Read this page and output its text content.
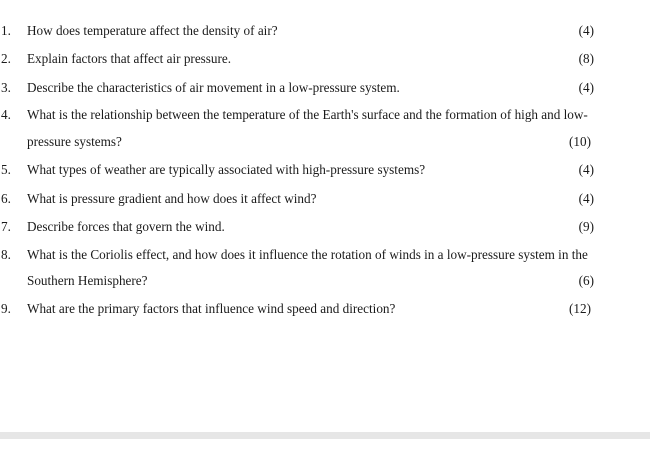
1. How does temperature affect the density of air?	(4)
2. Explain factors that affect air pressure.	(8)
3. Describe the characteristics of air movement in a low-pressure system.	(4)
4. What is the relationship between the temperature of the Earth's surface and the formation of high and low-
pressure systems?	(10)
5. What types of weather are typically associated with high-pressure systems?	(4)
6. What is pressure gradient and how does it affect wind?	(4)
7. Describe forces that govern the wind.	(9)
8. What is the Coriolis effect, and how does it influence the rotation of winds in a low-pressure system in the
Southern Hemisphere?	(6)
9. What are the primary factors that influence wind speed and direction?	(12)
